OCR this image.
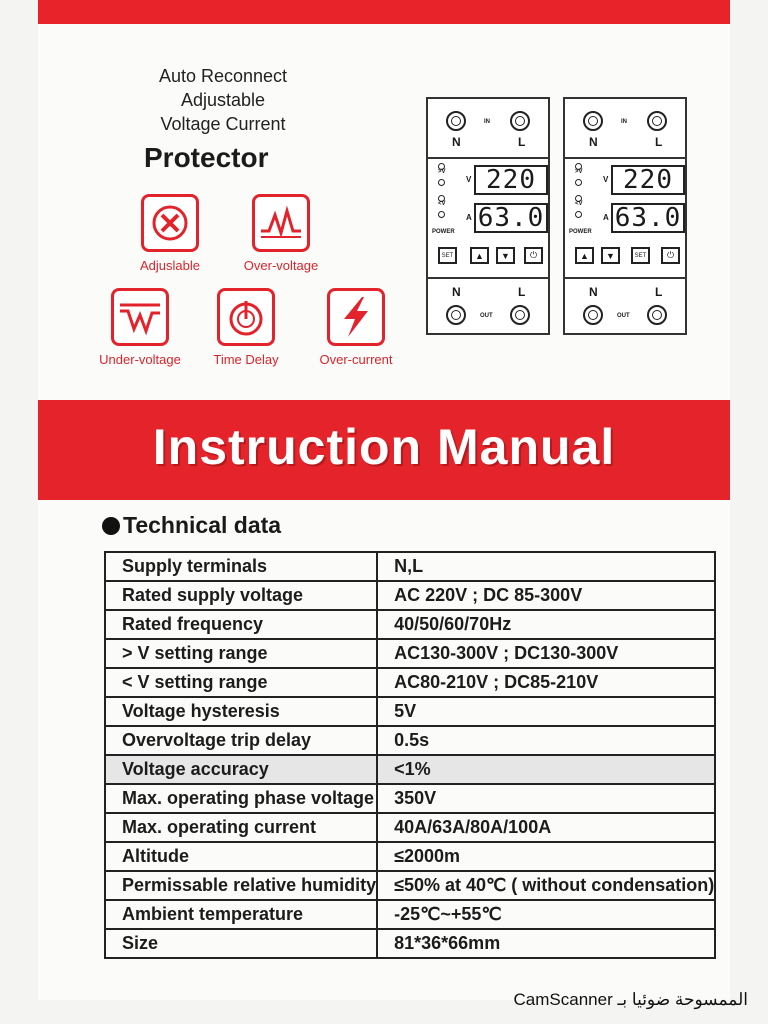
Auto Reconnect
Adjustable
Voltage Current
Protector
Adjuslable	Over-voltage
Under-voltage	Time Delay	Over-current
IN
N	L
>V
<V
POWER
V 220
A 63.0
SET	▲	▼	⏻
N	L
OUT
IN
N	L
>V
<V
POWER
V 220
A 63.0
▲	▼	SET	⏻
N	L
OUT
Instruction Manual
Technical data
Supply terminals	N,L
Rated supply voltage	AC 220V ; DC 85-300V
Rated frequency	40/50/60/70Hz
> V setting range	AC130-300V ; DC130-300V
< V setting range	AC80-210V ; DC85-210V
Voltage hysteresis	5V
Overvoltage trip delay	0.5s
Voltage accuracy	<1%
Max. operating phase voltage	350V
Max. operating current	40A/63A/80A/100A
Altitude	≤2000m
Permissable relative humidity	≤50% at 40℃ ( without condensation)
Ambient temperature	-25℃~+55℃
Size	81*36*66mm
CamScanner الممسوحة ضوئيا بـ
